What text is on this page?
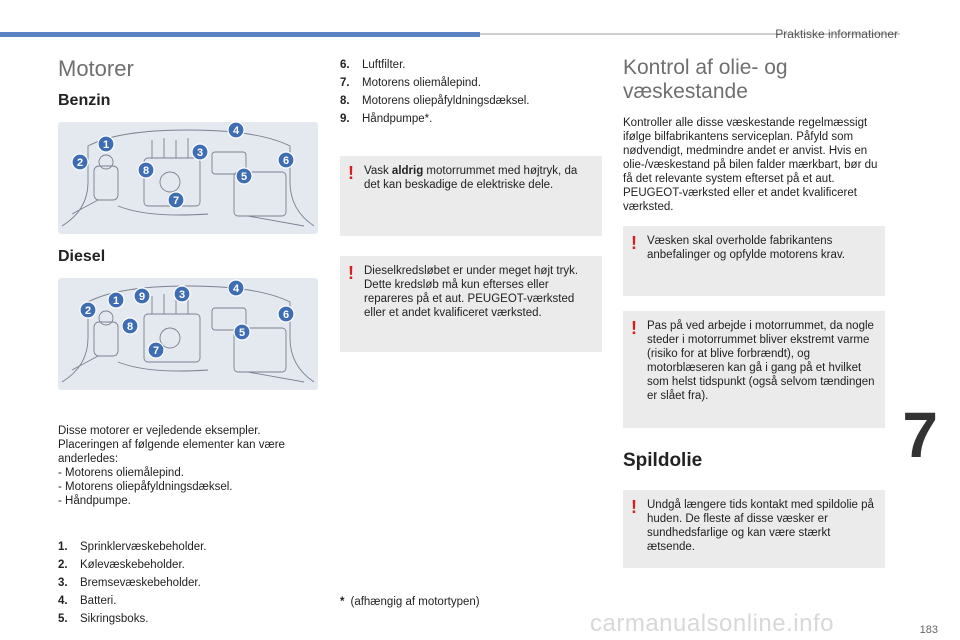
Praktiske informationer
7
183
carmanualsonline.info
Motorer
Benzin
1
2
3
4
5
6
7
8
Diesel
1
2
3	4
5
6
7
8
9
Disse motorer er vejledende eksempler.
Placeringen af følgende elementer kan være
anderledes:
- Motorens oliemålepind.
- Motorens oliepåfyldningsdæksel.
- Håndpumpe.
1. Sprinklervæskebeholder.
2. Kølevæskebeholder.
3. Bremsevæskebeholder.
4. Batteri.
5. Sikringsboks.
6. Luftfilter.
7. Motorens oliemålepind.
8. Motorens oliepåfyldningsdæksel.
9. Håndpumpe*.
! Vask aldrig motorrummet med højtryk, da det kan beskadige de elektriske dele.
! Dieselkredsløbet er under meget højt tryk. Dette kredsløb må kun efterses eller repareres på et aut. PEUGEOT-værksted eller et andet kvalificeret værksted.
* (afhængig af motortypen)
Kontrol af olie- og væskestande

Kontroller alle disse væskestande regelmæssigt ifølge bilfabrikantens serviceplan. Påfyld som nødvendigt, medmindre andet er anvist. Hvis en olie-/væskestand på bilen falder mærkbart, bør du få det relevante system efterset på et aut. PEUGEOT-værksted eller et andet kvalificeret værksted.

! Væsken skal overholde fabrikantens anbefalinger og opfylde motorens krav.
! Pas på ved arbejde i motorrummet, da nogle steder i motorrummet bliver ekstremt varme (risiko for at blive forbrændt), og motorblæseren kan gå i gang på et hvilket som helst tidspunkt (også selvom tændingen er slået fra).
Spildolie
! Undgå længere tids kontakt med spildolie på huden. De fleste af disse væsker er sundhedsfarlige og kan være stærkt ætsende.
